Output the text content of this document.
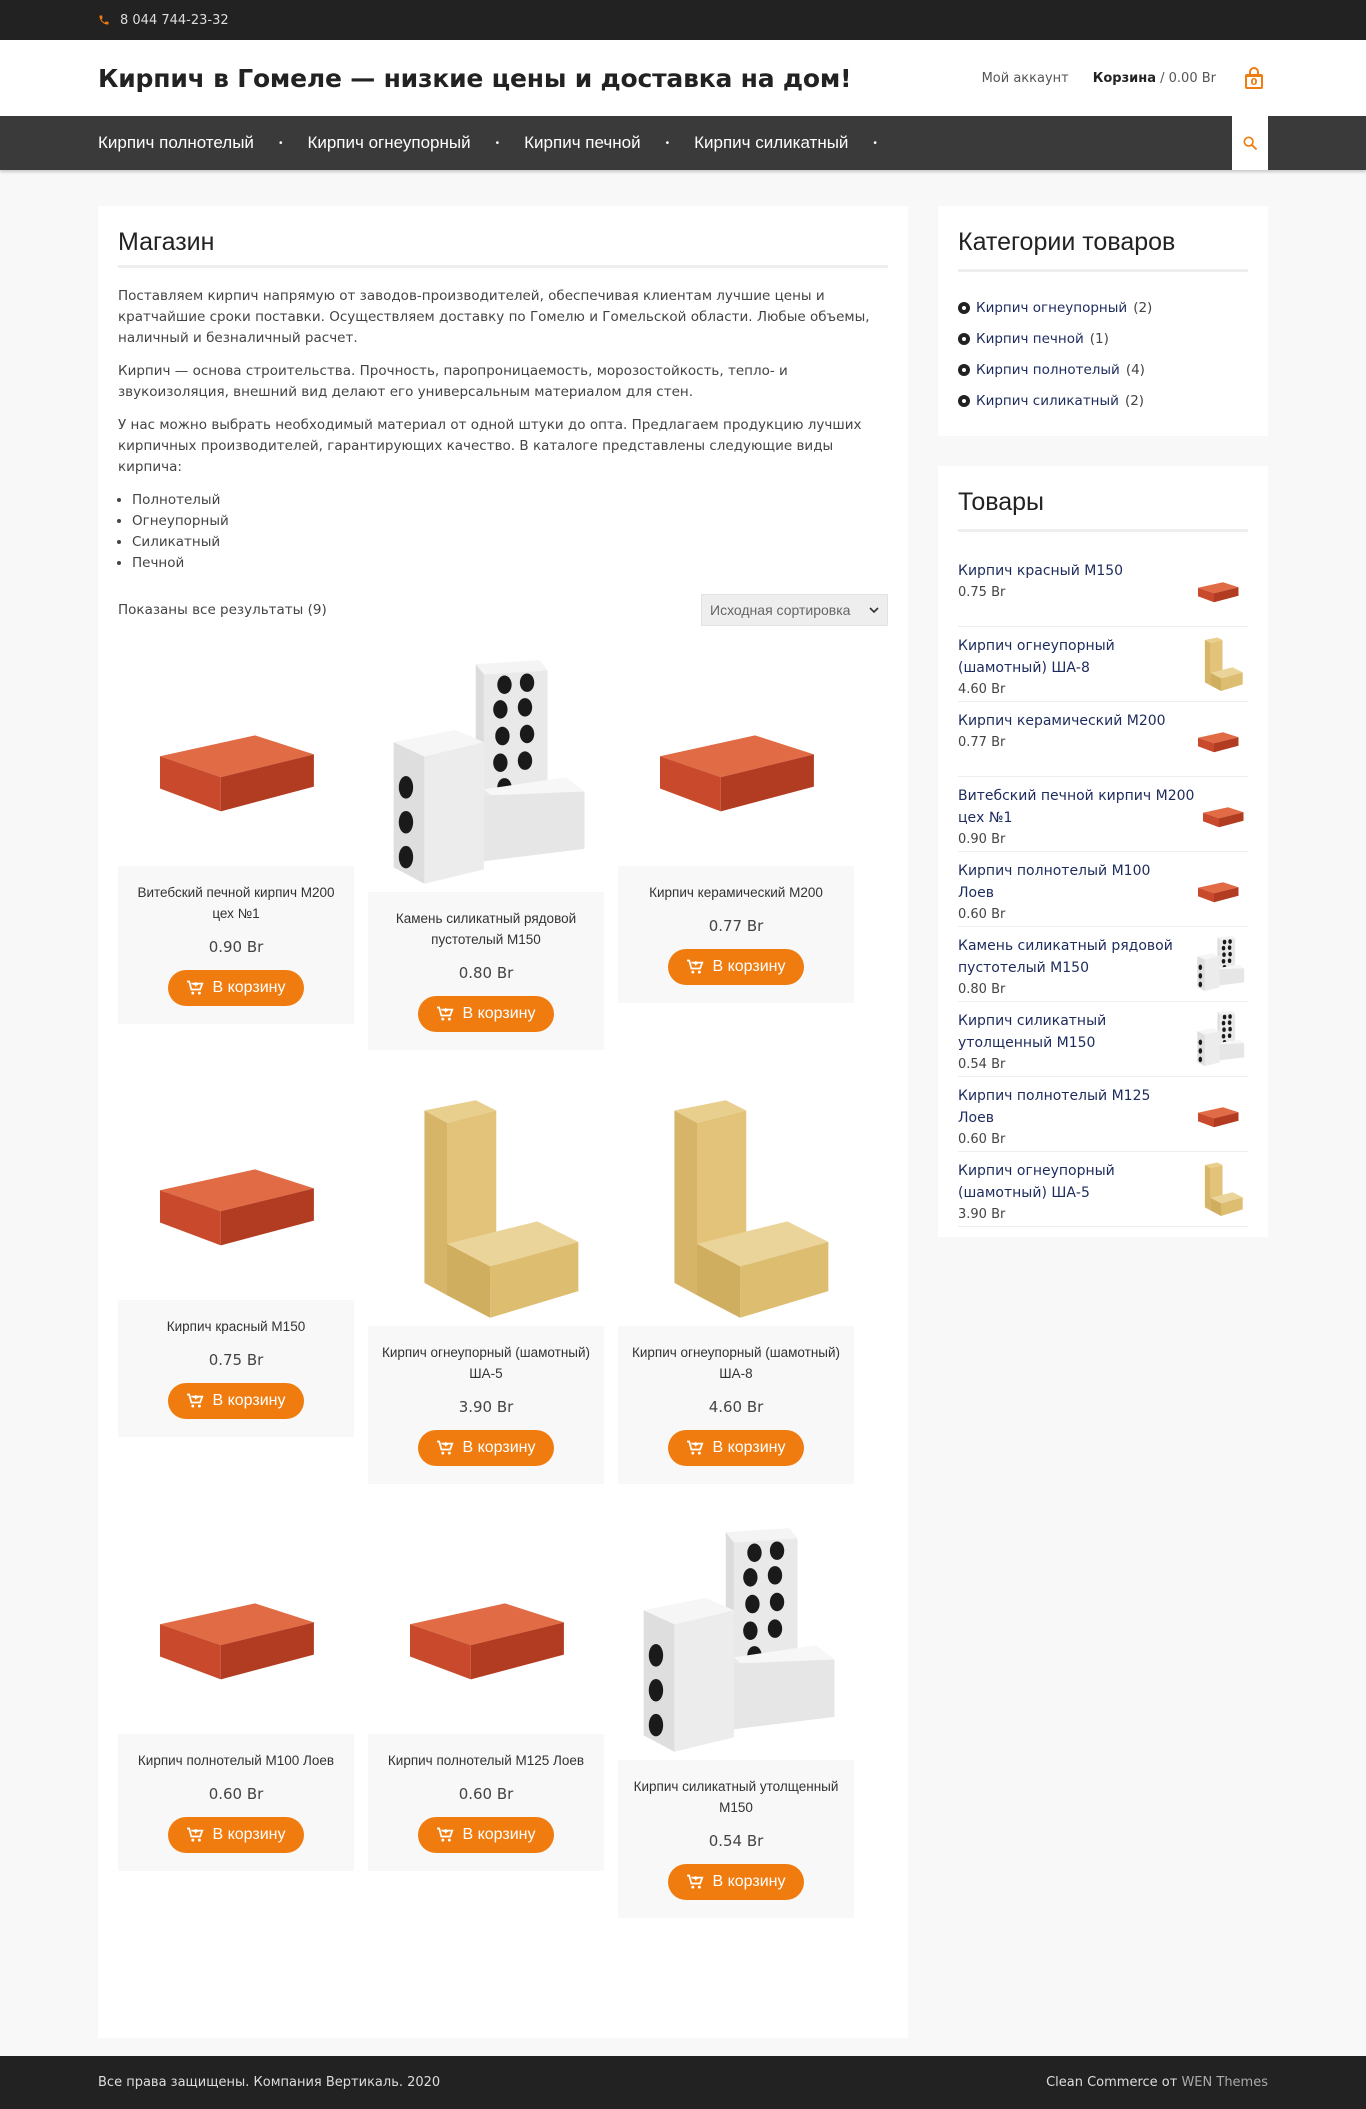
8 044 744-23-32
Кирпич в Гомеле — низкие цены и доставка на дом!	Мой аккаунт Корзина / 0.00 Br	0
Кирпич полнотелый	• Кирпич огнеупорный	• Кирпич печной	• Кирпич силикатный	•
Магазин

Поставляем кирпич напрямую от заводов-производителей, обеспечивая клиентам лучшие цены и кратчайшие сроки поставки. Осуществляем доставку по Гомелю и Гомельской области. Любые объемы, наличный и безналичный расчет.

Кирпич — основа строительства. Прочность, паропроницаемость, морозостойкость, тепло- и звукоизоляция, внешний вид делают его универсальным материалом для стен.

У нас можно выбрать необходимый материал от одной штуки до опта. Предлагаем продукцию лучших кирпичных производителей, гарантирующих качество. В каталоге представлены следующие виды кирпича:

• Полнотелый
• Огнеупорный
• Силикатный
• Печной
Показаны все результаты (9)	Исходная сортировка
Витебский печной кирпич М200 цех №1
0.90 Br
В корзину
Камень силикатный рядовой пустотелый М150
0.80 Br
В корзину
Кирпич керамический М200
0.77 Br
В корзину
Кирпич красный М150
0.75 Br
В корзину
Кирпич огнеупорный (шамотный) ША-5
3.90 Br
В корзину
Кирпич огнеупорный (шамотный) ША-8
4.60 Br
В корзину
Кирпич полнотелый М100 Лоев
0.60 Br
В корзину
Кирпич полнотелый М125 Лоев
0.60 Br
В корзину
Кирпич силикатный утолщенный М150
0.54 Br
В корзину
Категории товаров
Кирпич огнеупорный (2)
Кирпич печной (1)
Кирпич полнотелый (4)
Кирпич силикатный (2)
Товары
Кирпич красный М150
0.75 Br
Кирпич огнеупорный (шамотный) ША-8
4.60 Br
Кирпич керамический М200
0.77 Br
Витебский печной кирпич М200 цех №1
0.90 Br
Кирпич полнотелый М100 Лоев
0.60 Br
Камень силикатный рядовой пустотелый М150
0.80 Br
Кирпич силикатный утолщенный М150
0.54 Br
Кирпич полнотелый М125 Лоев
0.60 Br
Кирпич огнеупорный (шамотный) ША-5
3.90 Br
Все права защищены. Компания Вертикаль. 2020	Clean Commerce от WEN Themes
